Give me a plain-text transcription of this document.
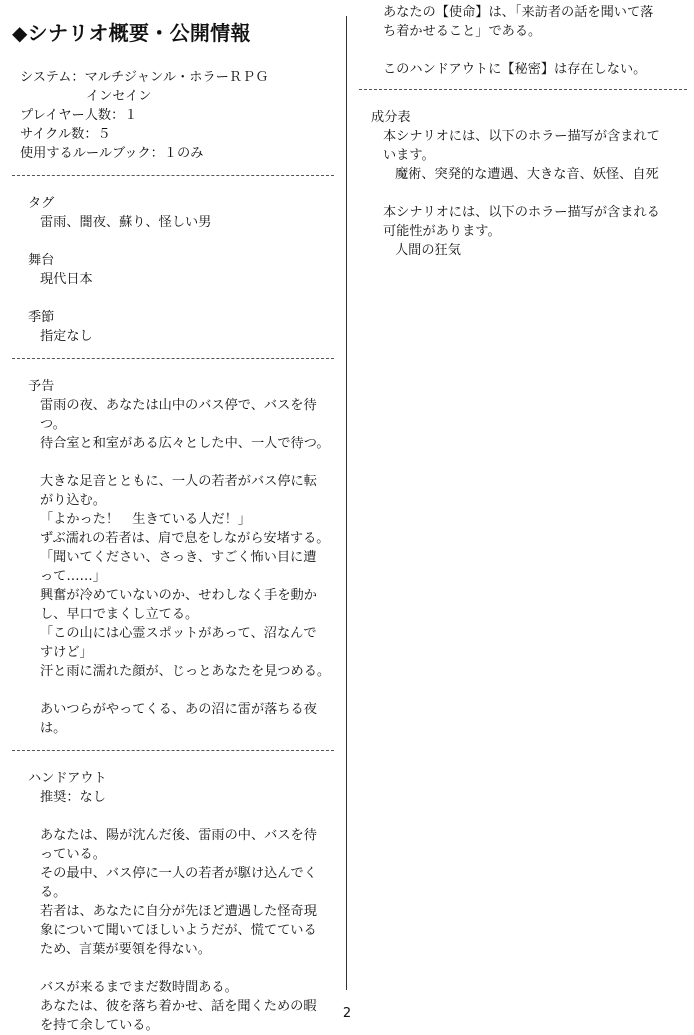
◆シナリオ概要・公開情報
システム：マルチジャンル・ホラーＲＰＧ
　　　　　インセイン
プレイヤー人数：１
サイクル数：５
使用するルールブック：１のみ
タグ
雷雨、闇夜、蘇り、怪しい男
舞台
現代日本
季節
指定なし
予告
雷雨の夜、あなたは山中のバス停で、バスを待
つ。
待合室と和室がある広々とした中、一人で待つ。
大きな足音とともに、一人の若者がバス停に転
がり込む。
「よかった！　生きている人だ！」
ずぶ濡れの若者は、肩で息をしながら安堵する。
「聞いてください、さっき、すごく怖い目に遭
って……」
興奮が冷めていないのか、せわしなく手を動か
し、早口でまくし立てる。
「この山には心霊スポットがあって、沼なんで
すけど」
汗と雨に濡れた顔が、じっとあなたを見つめる。
あいつらがやってくる、あの沼に雷が落ちる夜
は。
ハンドアウト
推奨：なし
あなたは、陽が沈んだ後、雷雨の中、バスを待
っている。
その最中、バス停に一人の若者が駆け込んでく
る。
若者は、あなたに自分が先ほど遭遇した怪奇現
象について聞いてほしいようだが、慌てている
ため、言葉が要領を得ない。
バスが来るまでまだ数時間ある。
あなたは、彼を落ち着かせ、話を聞くための暇
を持て余している。
あなたの【使命】は、「来訪者の話を聞いて落
ち着かせること」である。
このハンドアウトに【秘密】は存在しない。
成分表
本シナリオには、以下のホラー描写が含まれて
います。
魔術、突発的な遭遇、大きな音、妖怪、自死
本シナリオには、以下のホラー描写が含まれる
可能性があります。
人間の狂気
2
